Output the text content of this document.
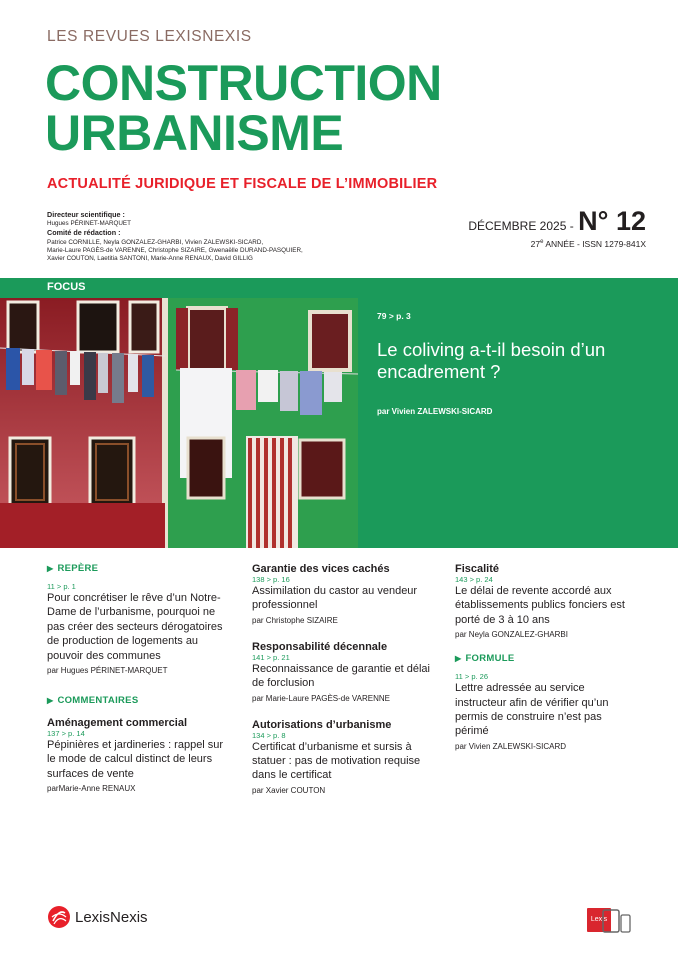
LES REVUES LEXISNEXIS
CONSTRUCTION
URBANISME
ACTUALITÉ JURIDIQUE ET FISCALE DE L’IMMOBILIER
Directeur scientifique :
Hugues PÉRINET-MARQUET
Comité de rédaction :
Patrice CORNILLE, Neyla GONZALEZ-GHARBI, Vivien ZALEWSKI-SICARD,
Marie-Laure PAGÈS-de VARENNE, Christophe SIZAIRE, Gwenaëlle DURAND-PASQUIER,
Xavier COUTON, Laetitia SANTONI, Marie-Anne RENAUX, David GILLIG
DÉCEMBRE 2025 - N° 12
27e ANNÉE - ISSN 1279-841X
FOCUS
79 > p. 3
Le coliving a-t-il besoin d’un encadrement ?
par Vivien ZALEWSKI-SICARD
▶ REPÈRE
11 > p. 1
Pour concrétiser le rêve d’un Notre-Dame de l’urbanisme, pourquoi ne pas créer des secteurs dérogatoires de production de logements au pouvoir des communes
par Hugues PÉRINET-MARQUET
▶ COMMENTAIRES
Aménagement commercial
137 > p. 14
Pépinières et jardineries : rappel sur le mode de calcul distinct de leurs surfaces de vente
parMarie-Anne RENAUX
Garantie des vices cachés
138 > p. 16
Assimilation du castor au vendeur professionnel
par Christophe SIZAIRE
Responsabilité décennale
141 > p. 21
Reconnaissance de garantie et délai de forclusion
par Marie-Laure PAGÈS-de VARENNE
Autorisations d’urbanisme
134 > p. 8
Certificat d’urbanisme et sursis à statuer : pas de motivation requise dans le certificat
par Xavier COUTON
Fiscalité
143 > p. 24
Le délai de revente accordé aux établissements publics fonciers est porté de 3 à 10 ans
par Neyla GONZALEZ-GHARBI
▶ FORMULE
11 > p. 26
Lettre adressée au service instructeur afin de vérifier qu’un permis de construire n’est pas périmé
par Vivien ZALEWSKI-SICARD
LexisNexis	Lexis
